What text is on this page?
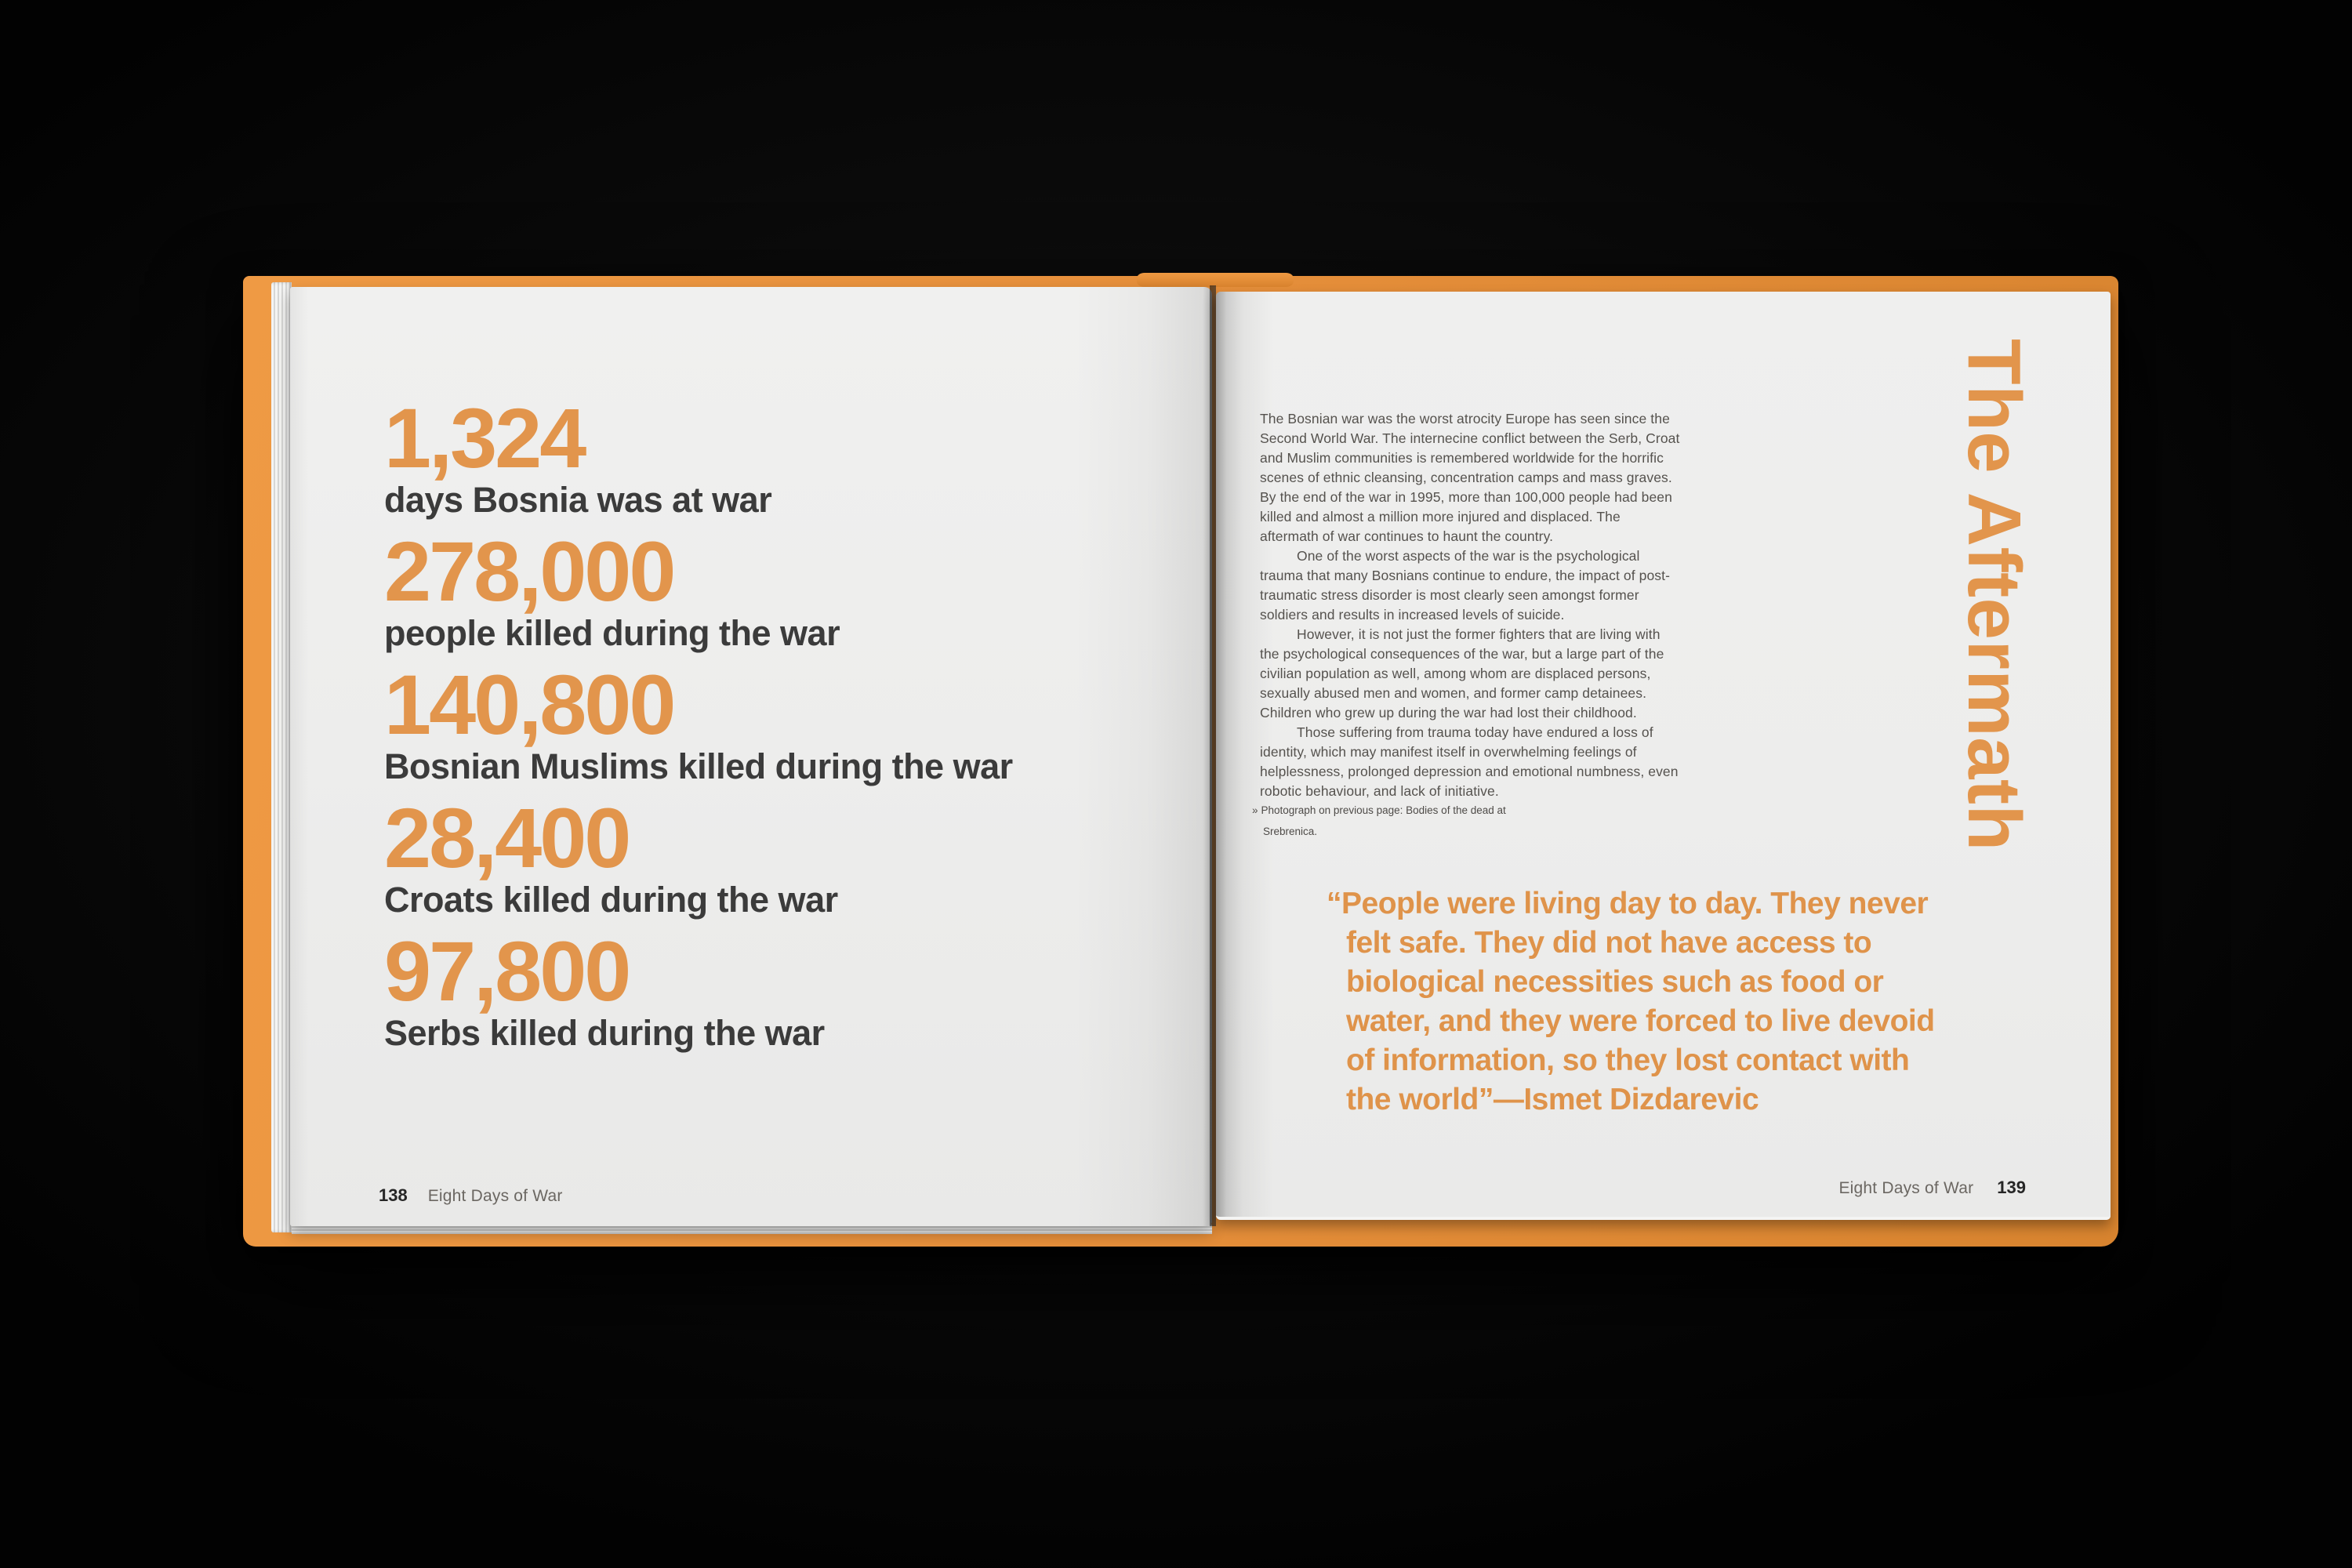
1,324
days Bosnia was at war
278,000
people killed during the war
140,800
Bosnian Muslims killed during the war
28,400
Croats killed during the war
97,800
Serbs killed during the war
138 Eight Days of War

The Bosnian war was the worst atrocity Europe has seen since the Second World War. The internecine conflict between the Serb, Croat and Muslim communities is remembered worldwide for the horrific scenes of ethnic cleansing, concentration camps and mass graves. By the end of the war in 1995, more than 100,000 people had been killed and almost a million more injured and displaced. The aftermath of war continues to haunt the country.

One of the worst aspects of the war is the psychological trauma that many Bosnians continue to endure, the impact of post-traumatic stress disorder is most clearly seen amongst former soldiers and results in increased levels of suicide.

However, it is not just the former fighters that are living with the psychological consequences of the war, but a large part of the civilian population as well, among whom are displaced persons, sexually abused men and women, and former camp detainees. Children who grew up during the war had lost their childhood.

Those suffering from trauma today have endured a loss of identity, which may manifest itself in overwhelming feelings of helplessness, prolonged depression and emotional numbness, even robotic behaviour, and lack of initiative.

» Photograph on previous page: Bodies of the dead at Srebrenica.
“People were living day to day. They never felt safe. They did not have access to biological necessities such as food or water, and they were forced to live devoid of information, so they lost contact with the world”—Ismet Dizdarevic
The Aftermath
Eight Days of War 139
